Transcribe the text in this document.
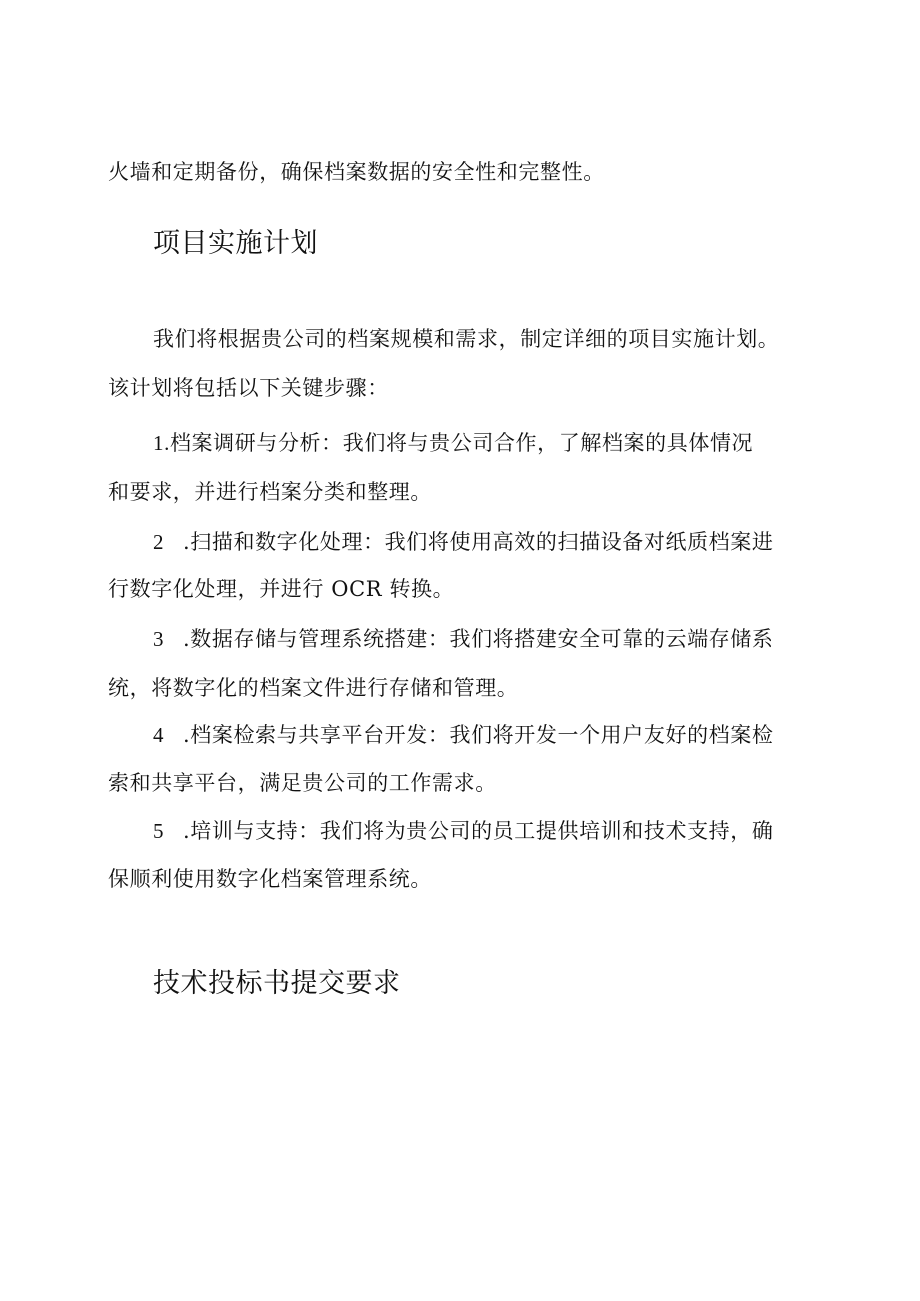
火墙和定期备份，确保档案数据的安全性和完整性。
项目实施计划
我们将根据贵公司的档案规模和需求，制定详细的项目实施计划。
该计划将包括以下关键步骤：
1.档案调研与分析：我们将与贵公司合作，了解档案的具体情况
和要求，并进行档案分类和整理。
2 .扫描和数字化处理：我们将使用高效的扫描设备对纸质档案进
行数字化处理，并进行 OCR 转换。
3 .数据存储与管理系统搭建：我们将搭建安全可靠的云端存储系
统，将数字化的档案文件进行存储和管理。
4 .档案检索与共享平台开发：我们将开发一个用户友好的档案检
索和共享平台，满足贵公司的工作需求。
5 .培训与支持：我们将为贵公司的员工提供培训和技术支持，确
保顺利使用数字化档案管理系统。
技术投标书提交要求
